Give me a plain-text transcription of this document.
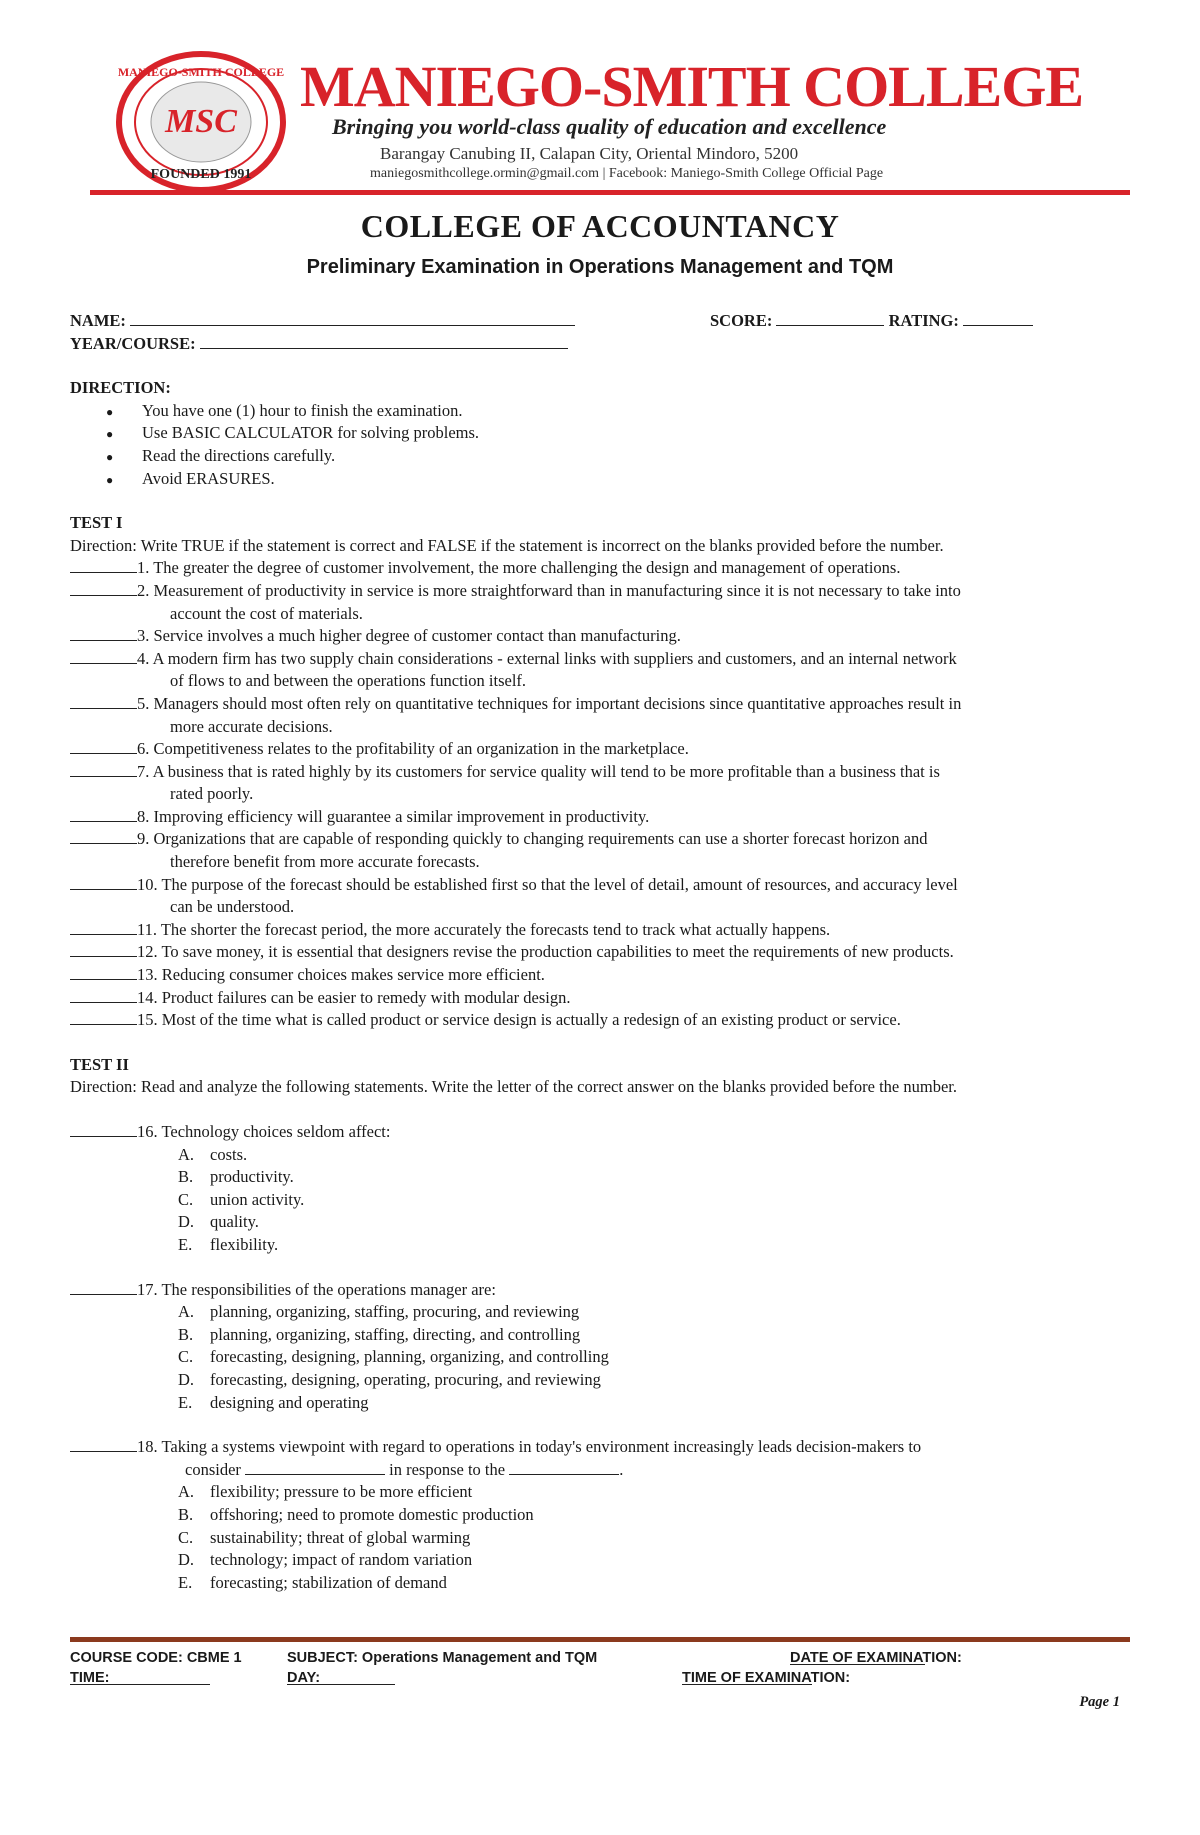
MANIEGO-SMITH COLLEGE
MSC
FOUNDED 1991
MANIEGO-SMITH COLLEGE
Bringing you world-class quality of education and excellence
Barangay Canubing II, Calapan City, Oriental Mindoro, 5200
maniegosmithcollege.ormin@gmail.com | Facebook: Maniego-Smith College Official Page
COLLEGE OF ACCOUNTANCY
Preliminary Examination in Operations Management and TQM
NAME:	SCORE:	RATING:
YEAR/COURSE:
DIRECTION:
● You have one (1) hour to finish the examination.
● Use BASIC CALCULATOR for solving problems.
● Read the directions carefully.
● Avoid ERASURES.
TEST I
Direction: Write TRUE if the statement is correct and FALSE if the statement is incorrect on the blanks provided before the number.
1. The greater the degree of customer involvement, the more challenging the design and management of operations.
2. Measurement of productivity in service is more straightforward than in manufacturing since it is not necessary to take into
account the cost of materials.
3. Service involves a much higher degree of customer contact than manufacturing.
4. A modern firm has two supply chain considerations - external links with suppliers and customers, and an internal network
of flows to and between the operations function itself.
5. Managers should most often rely on quantitative techniques for important decisions since quantitative approaches result in
more accurate decisions.
6. Competitiveness relates to the profitability of an organization in the marketplace.
7. A business that is rated highly by its customers for service quality will tend to be more profitable than a business that is
rated poorly.
8. Improving efficiency will guarantee a similar improvement in productivity.
9. Organizations that are capable of responding quickly to changing requirements can use a shorter forecast horizon and
therefore benefit from more accurate forecasts.
10. The purpose of the forecast should be established first so that the level of detail, amount of resources, and accuracy level
can be understood.
11. The shorter the forecast period, the more accurately the forecasts tend to track what actually happens.
12. To save money, it is essential that designers revise the production capabilities to meet the requirements of new products.
13. Reducing consumer choices makes service more efficient.
14. Product failures can be easier to remedy with modular design.
15. Most of the time what is called product or service design is actually a redesign of an existing product or service.
TEST II
Direction: Read and analyze the following statements. Write the letter of the correct answer on the blanks provided before the number.
16. Technology choices seldom affect:
A. costs.
B. productivity.
C. union activity.
D. quality.
E. flexibility.
17. The responsibilities of the operations manager are:
A. planning, organizing, staffing, procuring, and reviewing
B. planning, organizing, staffing, directing, and controlling
C. forecasting, designing, planning, organizing, and controlling
D. forecasting, designing, operating, procuring, and reviewing
E. designing and operating
18. Taking a systems viewpoint with regard to operations in today's environment increasingly leads decision-makers to
consider	in response to the	.
A. flexibility; pressure to be more efficient
B. offshoring; need to promote domestic production
C. sustainability; threat of global warming
D. technology; impact of random variation
E. forecasting; stabilization of demand
COURSE CODE: CBME 1	SUBJECT: Operations Management and TQM	DATE OF EXAMINATION:
TIME:	DAY:	TIME OF EXAMINATION:
Page 1
